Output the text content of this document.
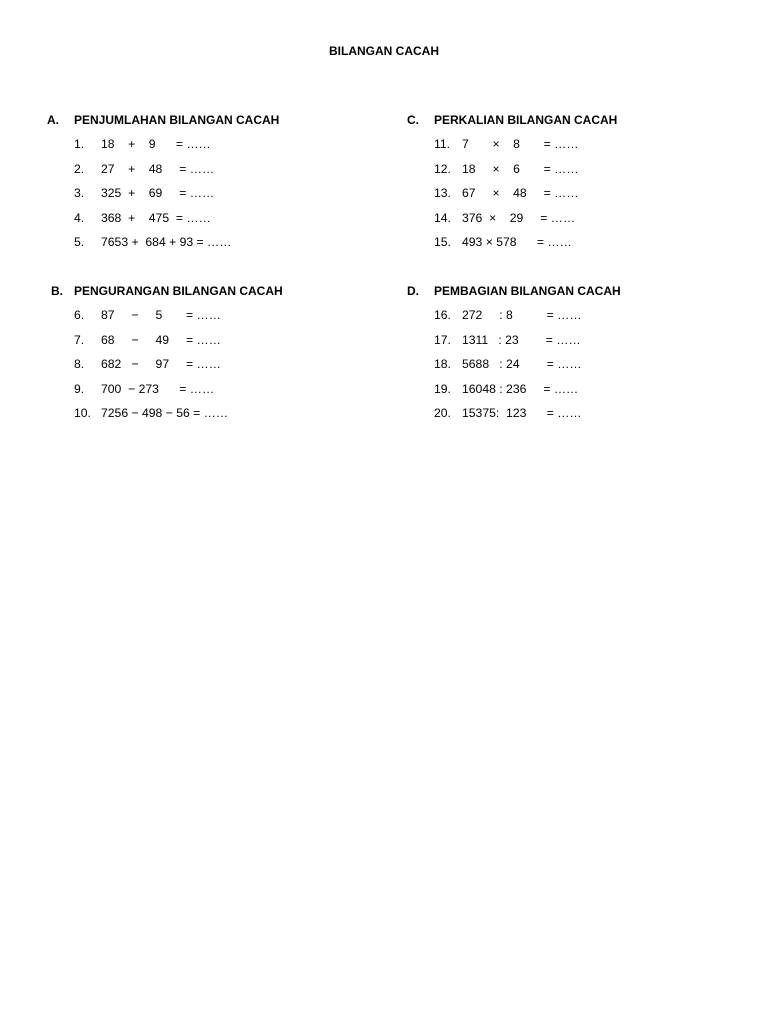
BILANGAN CACAH
A. PENJUMLAHAN BILANGAN CACAH
1. 18    +    9      = ……
2. 27    +    48     = ……
3. 325  +    69     = ……
4. 368  +    475  = ……
5. 7653 +  684 + 93 = ……
B. PENGURANGAN BILANGAN CACAH
6. 87     −     5       = ……
7. 68     −     49     = ……
8. 682   −     97     = ……
9. 700  − 273      = ……
10. 7256 − 498 − 56 = ……
C. PERKALIAN BILANGAN CACAH
11. 7       ×    8       = ……
12. 18     ×    6       = ……
13. 67     ×    48     = ……
14. 376  ×    29     = ……
15. 493 × 578      = ……
D. PEMBAGIAN BILANGAN CACAH
16. 272     : 8          = ……
17. 1311   : 23        = ……
18. 5688   : 24        = ……
19. 16048 : 236     = ……
20. 15375:  123      = ……
